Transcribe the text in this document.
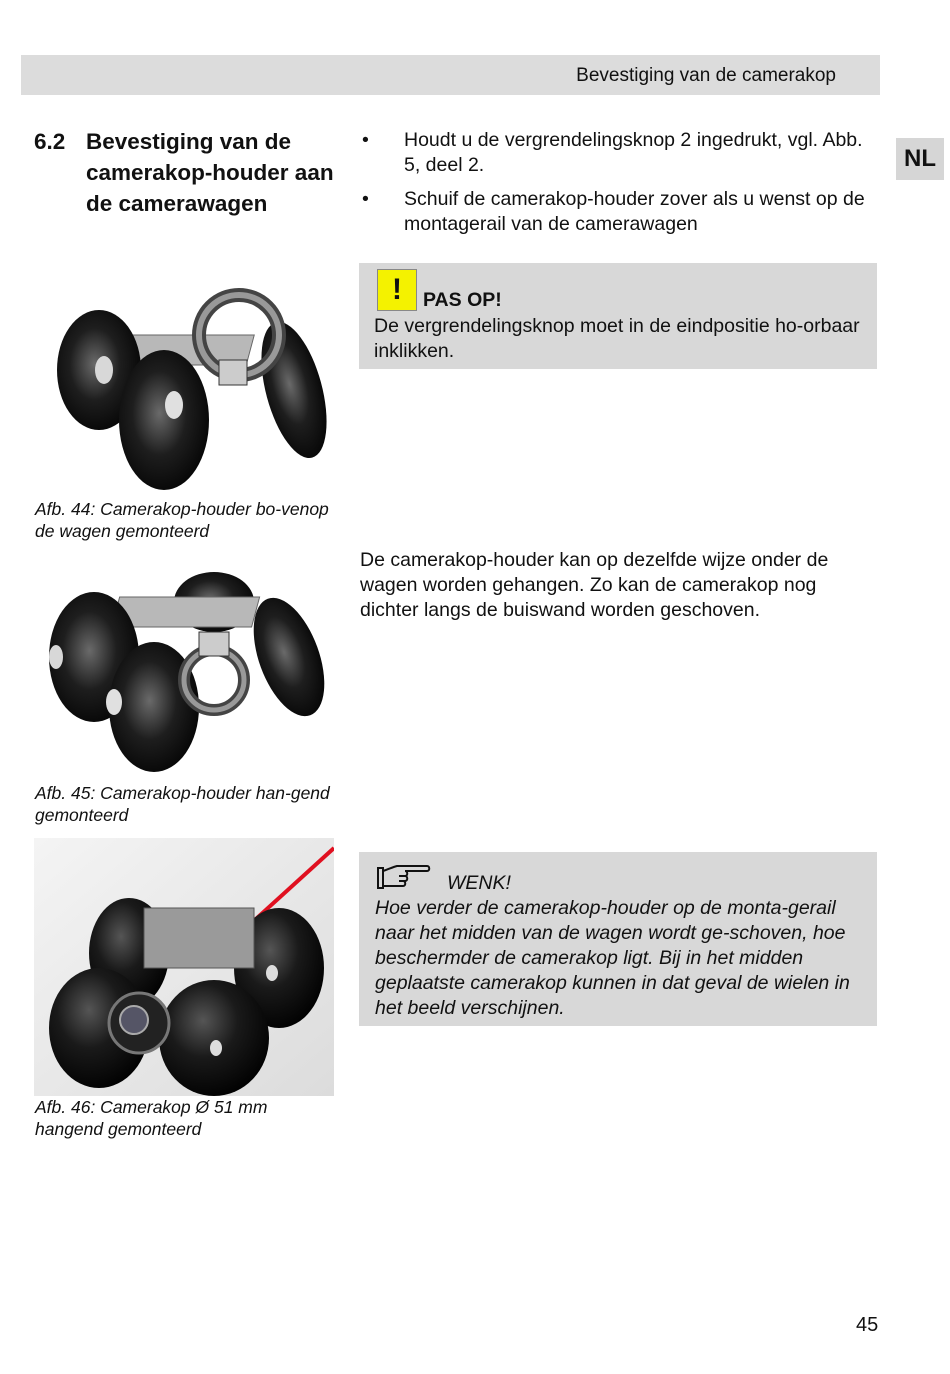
Bevestiging van de camerakop
NL
6.2 Bevestiging van de camerakop-houder aan de camerawagen
• Houdt u de vergrendelingsknop 2 ingedrukt, vgl. Abb. 5, deel 2.
• Schuif de camerakop-houder zover als u wenst op de montagerail van de camerawagen
!	PAS OP!
De vergrendelingsknop moet in de eindpositie ho-orbaar inklikken.
De camerakop-houder kan op dezelfde wijze onder de wagen worden gehangen. Zo kan de camerakop nog dichter langs de buiswand worden geschoven.
WENK!
Hoe verder de camerakop-houder op de monta-gerail naar het midden van de wagen wordt ge-schoven, hoe beschermder de camerakop ligt. Bij in het midden geplaatste camerakop kunnen in dat geval de wielen in het beeld verschijnen.
Afb. 44: Camerakop-houder bo-venop de wagen gemonteerd
Afb. 45: Camerakop-houder han-gend gemonteerd
Afb. 46: Camerakop Ø 51 mm hangend gemonteerd
45
